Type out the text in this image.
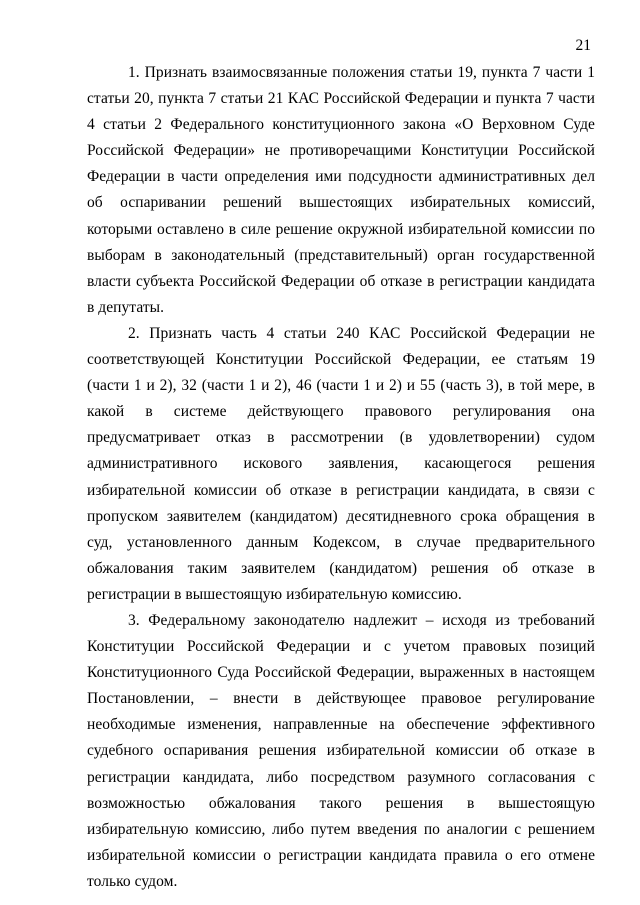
21

1. Признать взаимосвязанные положения статьи 19, пункта 7 части 1 статьи 20, пункта 7 статьи 21 КАС Российской Федерации и пункта 7 части 4 статьи 2 Федерального конституционного закона «О Верховном Суде Российской Федерации» не противоречащими Конституции Российской Федерации в части определения ими подсудности административных дел об оспаривании решений вышестоящих избирательных комиссий, которыми оставлено в силе решение окружной избирательной комиссии по выборам в законодательный (представительный) орган государственной власти субъекта Российской Федерации об отказе в регистрации кандидата в депутаты.

2. Признать часть 4 статьи 240 КАС Российской Федерации не соответствующей Конституции Российской Федерации, ее статьям 19 (части 1 и 2), 32 (части 1 и 2), 46 (части 1 и 2) и 55 (часть 3), в той мере, в какой в системе действующего правового регулирования она предусматривает отказ в рассмотрении (в удовлетворении) судом административного искового заявления, касающегося решения избирательной комиссии об отказе в регистрации кандидата, в связи с пропуском заявителем (кандидатом) десятидневного срока обращения в суд, установленного данным Кодексом, в случае предварительного обжалования таким заявителем (кандидатом) решения об отказе в регистрации в вышестоящую избирательную комиссию.

3. Федеральному законодателю надлежит – исходя из требований Конституции Российской Федерации и с учетом правовых позиций Конституционного Суда Российской Федерации, выраженных в настоящем Постановлении, – внести в действующее правовое регулирование необходимые изменения, направленные на обеспечение эффективного судебного оспаривания решения избирательной комиссии об отказе в регистрации кандидата, либо посредством разумного согласования с возможностью обжалования такого решения в вышестоящую избирательную комиссию, либо путем введения по аналогии с решением избирательной комиссии о регистрации кандидата правила о его отмене только судом.
